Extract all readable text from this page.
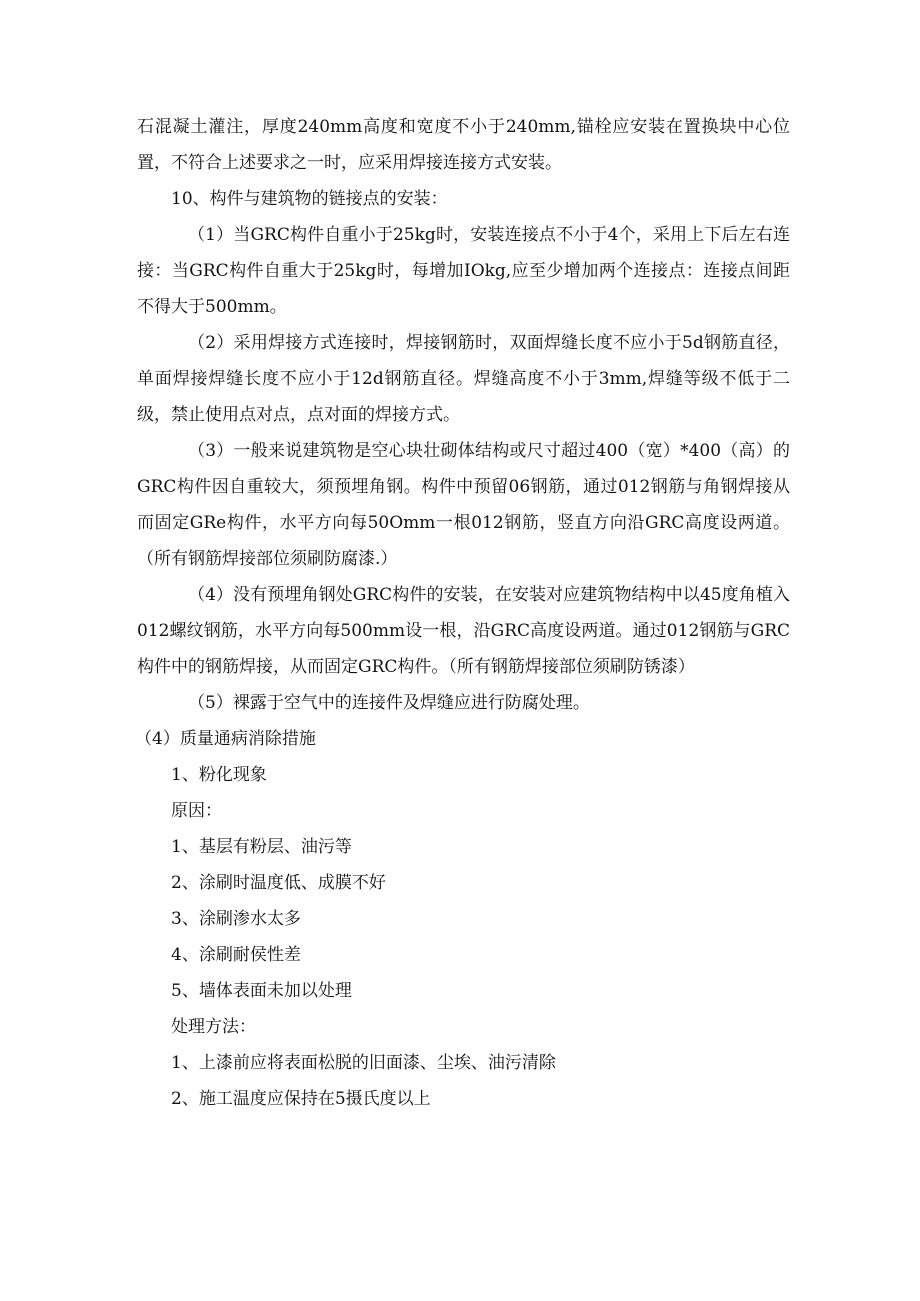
石混凝土灌注，厚度240mm高度和宽度不小于240mm,锚栓应安装在置换块中心位置，不符合上述要求之一时，应采用焊接连接方式安装。

10、构件与建筑物的链接点的安装：

（1）当GRC构件自重小于25kg时，安装连接点不小于4个，采用上下后左右连接：当GRC构件自重大于25kg时，每增加IOkg,应至少增加两个连接点：连接点间距不得大于500mm。

（2）采用焊接方式连接时，焊接钢筋时，双面焊缝长度不应小于5d钢筋直径，单面焊接焊缝长度不应小于12d钢筋直径。焊缝高度不小于3mm,焊缝等级不低于二级，禁止使用点对点，点对面的焊接方式。

（3）一般来说建筑物是空心块壮砌体结构或尺寸超过400（宽）*400（高）的GRC构件因自重较大，须预埋角钢。构件中预留06钢筋，通过012钢筋与角钢焊接从而固定GRe构件，水平方向每50Omm一根012钢筋，竖直方向沿GRC高度设两道。（所有钢筋焊接部位须刷防腐漆.）

（4）没有预埋角钢处GRC构件的安装，在安装对应建筑物结构中以45度角植入012螺纹钢筋，水平方向每500mm设一根，沿GRC高度设两道。通过012钢筋与GRC构件中的钢筋焊接，从而固定GRC构件。（所有钢筋焊接部位须刷防锈漆）

（5）裸露于空气中的连接件及焊缝应进行防腐处理。

（4）质量通病消除措施

1、粉化现象

原因：

1、基层有粉层、油污等

2、涂刷时温度低、成膜不好

3、涂刷渗水太多

4、涂刷耐侯性差

5、墙体表面未加以处理

处理方法：

1、上漆前应将表面松脱的旧面漆、尘埃、油污清除

2、施工温度应保持在5摄氏度以上
